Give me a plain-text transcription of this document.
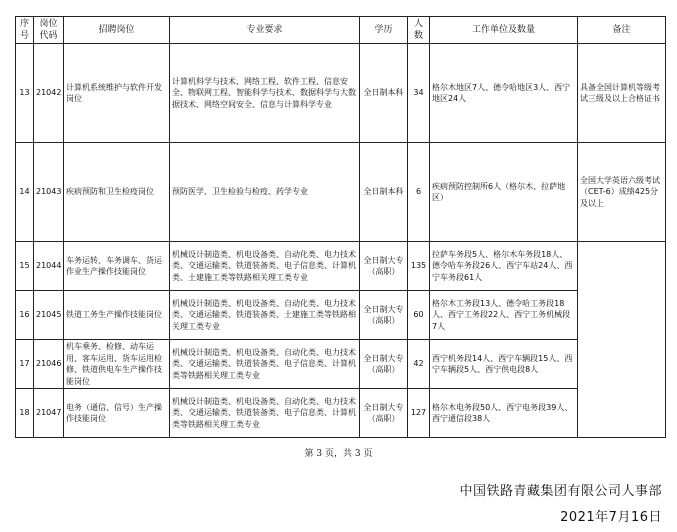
序号	岗位代码	招聘岗位	专业要求	学历	人数	工作单位及数量	备注
13	21042	计算机系统维护与软件开发岗位	计算机科学与技术、网络工程、软件工程、信息安全、物联网工程、智能科学与技术、数据科学与大数据技术、网络空间安全、信息与计算科学专业	全日制本科	34	格尔木地区7人、德令哈地区3人、西宁地区24人	具备全国计算机等级考试三级及以上合格证书
14	21043	疾病预防和卫生检疫岗位	预防医学、卫生检验与检疫、药学专业	全日制本科	6	疾病预防控制所6人（格尔木、拉萨地区）	全国大学英语六级考试（CET-6）成绩425分及以上
15	21044	车务运转、车务调车、货运作业生产操作技能岗位	机械设计制造类、机电设备类、自动化类、电力技术类、交通运输类、铁道装备类、电子信息类、计算机类、土建施工类等铁路相关理工类专业	全日制大专（高职）	135	拉萨车务段5人、格尔木车务段18人、德令哈车务段26人、西宁车站24人、西宁车务段61人	
16	21045	铁道工务生产操作技能岗位	机械设计制造类、机电设备类、自动化类、电力技术类、交通运输类、铁道装备类、土建施工类等铁路相关理工类专业	全日制大专（高职）	60	格尔木工务段13人、德令哈工务段18人、西宁工务段22人、西宁工务机械段7人	
17	21046	机车乘务、检修、动车运用、客车运用、货车运用检修、铁道供电车生产操作技能岗位	机械设计制造类、机电设备类、自动化类、电力技术类、交通运输类、铁道装备类、电子信息类、计算机类等铁路相关理工类专业	全日制大专（高职）	42	西宁机务段14人、西宁车辆段15人、西宁车辆段5人、西宁供电段8人	
18	21047	电务（通信、信号）生产操作技能岗位	机械设计制造类、机电设备类、自动化类、电力技术类、交通运输类、铁道装备类、电子信息类、计算机类等铁路相关理工类专业	全日制大专（高职）	127	格尔木电务段50人、西宁电务段39人、西宁通信段38人	
第 3 页，共 3 页
中国铁路青藏集团有限公司人事部
2021年7月16日
